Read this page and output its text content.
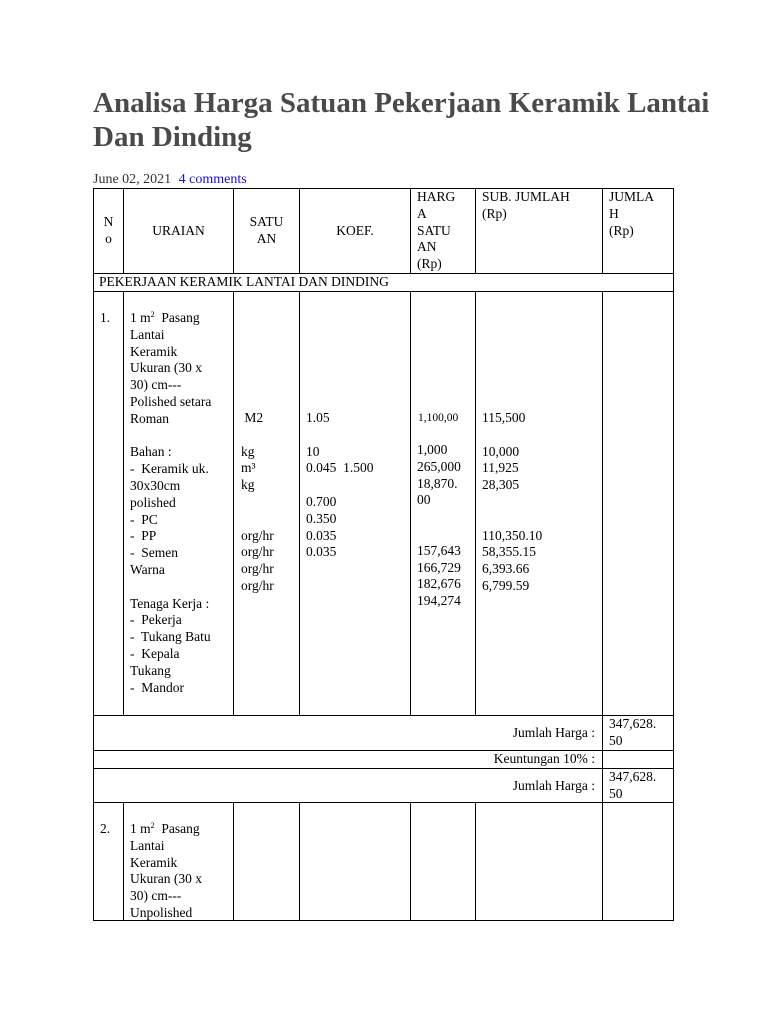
Analisa Harga Satuan Pekerjaan Keramik Lantai Dan Dinding
June 02, 2021 4 comments
N
o
URAIAN
SATU
AN
KOEF.
HARG
A
SATU
AN
(Rp)
SUB. JUMLAH
(Rp)
JUMLA
H
(Rp)
PEKERJAAN KERAMIK LANTAI DAN DINDING
1. 1 $m^2$  Pasang
Lantai
Keramik
Ukuran (30 x
30) cm---
Polished setara
Roman

Bahan :
-  Keramik uk.
30x30cm
polished
-  PC
-  PP
-  Semen
Warna

Tenaga Kerja :
-  Pekerja
-  Tukang Batu
-  Kepala
Tukang
-  Mandor
M2

kg
m³
kg

org/hr
org/hr
org/hr
org/hr
1.05

10
0.045  1.500

0.700
0.350
0.035
0.035
1,100,00
1,000
265,000
18,870.
00

157,643
166,729
182,676
194,274
115,500

10,000
11,925
28,305

110,350.10
58,355.15
6,393.66
6,799.59
Jumlah Harga :
347,628.
50
Keuntungan 10% :
Jumlah Harga :
347,628.
50
2. 1 $m^2$  Pasang
Lantai
Keramik
Ukuran (30 x
30) cm---
Unpolished
